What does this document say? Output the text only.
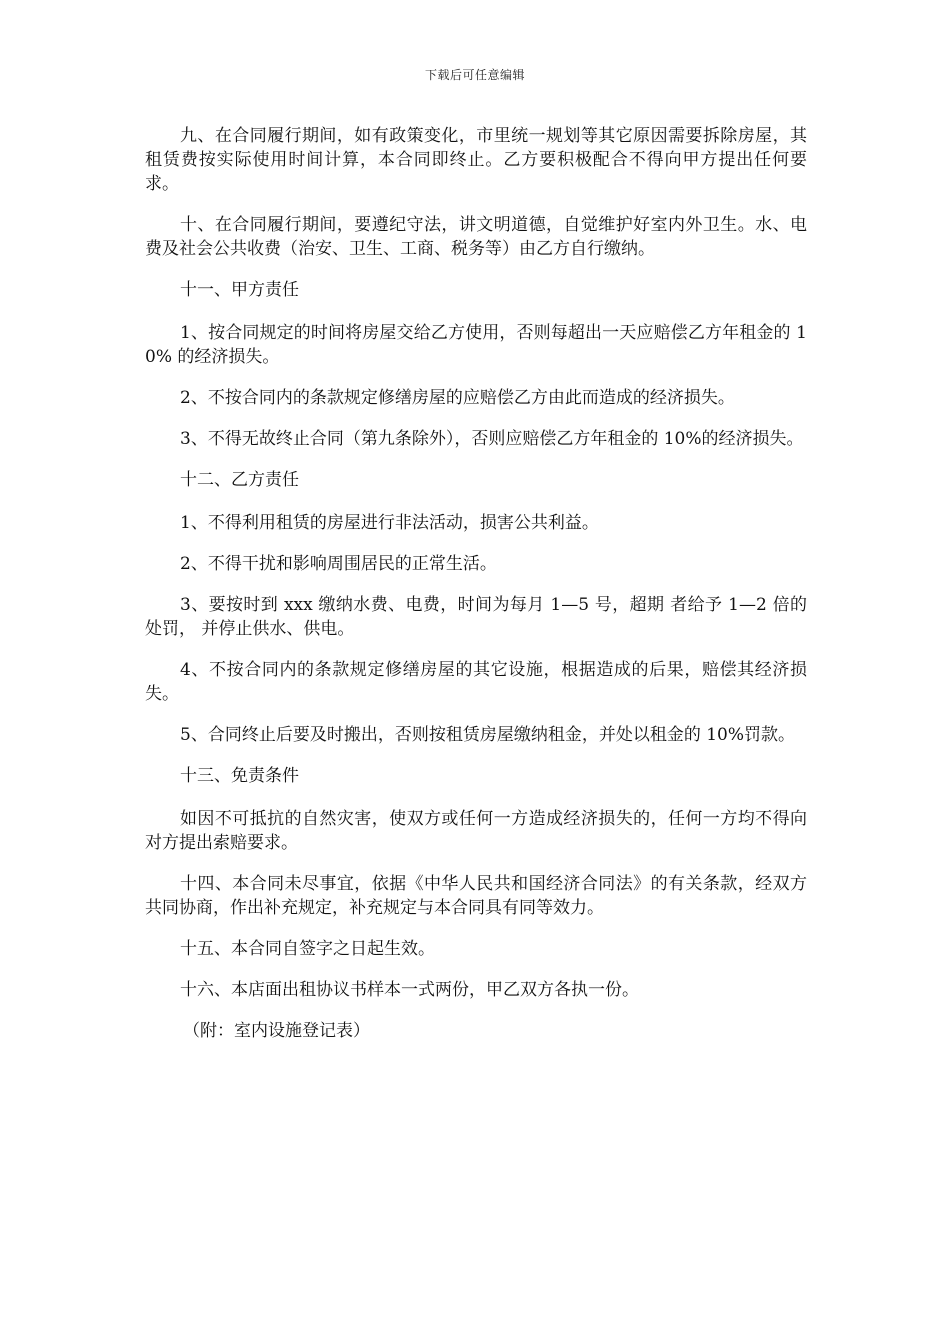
下载后可任意编辑

九、在合同履行期间，如有政策变化，市里统一规划等其它原因需要拆除房屋，其租赁费按实际使用时间计算，本合同即终止。乙方要积极配合不得向甲方提出任何要求。

十、在合同履行期间，要遵纪守法，讲文明道德，自觉维护好室内外卫生。水、电费及社会公共收费（治安、卫生、工商、税务等）由乙方自行缴纳。

十一、甲方责任

1、按合同规定的时间将房屋交给乙方使用，否则每超出一天应赔偿乙方年租金的 10% 的经济损失。

2、不按合同内的条款规定修缮房屋的应赔偿乙方由此而造成的经济损失。

3、不得无故终止合同（第九条除外），否则应赔偿乙方年租金的 10%的经济损失。

十二、乙方责任

1、不得利用租赁的房屋进行非法活动，损害公共利益。

2、不得干扰和影响周围居民的正常生活。

3、要按时到 xxx 缴纳水费、电费，时间为每月 1—5 号，超期 者给予 1—2 倍的处罚， 并停止供水、供电。

4、不按合同内的条款规定修缮房屋的其它设施，根据造成的后果，赔偿其经济损失。

5、合同终止后要及时搬出，否则按租赁房屋缴纳租金，并处以租金的 10%罚款。

十三、免责条件

如因不可抵抗的自然灾害，使双方或任何一方造成经济损失的，任何一方均不得向对方提出索赔要求。

十四、本合同未尽事宜，依据《中华人民共和国经济合同法》的有关条款，经双方共同协商，作出补充规定，补充规定与本合同具有同等效力。

十五、本合同自签字之日起生效。

十六、本店面出租协议书样本一式两份，甲乙双方各执一份。

（附：室内设施登记表）
